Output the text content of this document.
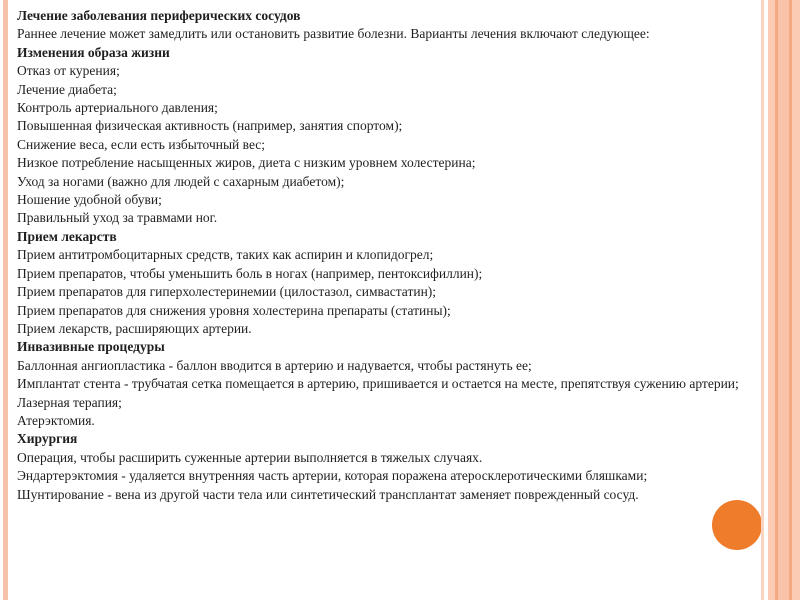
Лечение заболевания периферических сосудов
Раннее лечение может замедлить или остановить развитие болезни. Варианты лечения включают следующее:
Изменения образа жизни
Отказ от курения;
Лечение диабета;
Контроль артериального давления;
Повышенная физическая активность (например, занятия спортом);
Снижение веса, если есть избыточный вес;
Низкое потребление насыщенных жиров, диета с низким уровнем холестерина;
Уход за ногами (важно для людей с сахарным диабетом);
Ношение удобной обуви;
Правильный уход за травмами ног.
Прием лекарств
Прием антитромбоцитарных средств, таких как аспирин и клопидогрел;
Прием препаратов, чтобы уменьшить боль в ногах (например, пентоксифиллин);
Прием препаратов для гиперхолестеринемии (цилостазол, симвастатин);
Прием препаратов для снижения уровня холестерина препараты (статины);
Прием лекарств, расширяющих артерии.
Инвазивные процедуры
Баллонная ангиопластика - баллон вводится в артерию и надувается, чтобы растянуть ее;
Имплантат стента - трубчатая сетка помещается в артерию, пришивается и остается на месте, препятствуя сужению артерии;
Лазерная терапия;
Атерэктомия.
Хирургия
Операция, чтобы расширить суженные артерии выполняется в тяжелых случаях.
Эндартерэктомия - удаляется внутренняя часть артерии, которая поражена атеросклеротическими бляшками;
Шунтирование - вена из другой части тела или синтетический трансплантат заменяет поврежденный сосуд.
